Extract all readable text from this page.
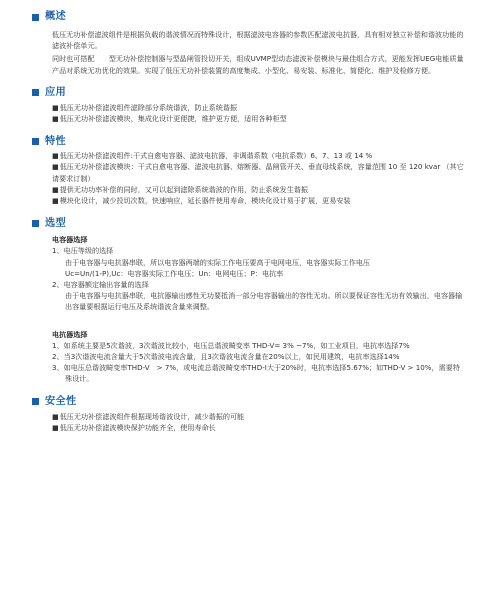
概述

低压无功补偿滤波组件是根据负载的谐波情况而特殊设计，根据滤波电容器的参数匹配滤波电抗器，具有相对独立补偿和谐波功能的滤波补偿单元。

同时也可搭配　　型无功补偿控制器与型晶闸管投切开关，组成UVMP型动态滤波补偿模块与最佳组合方式，更能发挥UEG电能质量产品对系统无功优化的效果。实现了低压无功补偿装置的高度集成、小型化、易安装、标准化、简便化、维护及检修方便。

应用

■低压无功补偿滤波组件滤除部分系统谐波，防止系统谐振

■低压无功补偿滤波模块，集成化设计更便捷，维护更方便，适用各种柜型

特性

■低压无功补偿滤波组件:干式自愈电容器、滤波电抗器，非调谐系数（电抗系数）6、7、13 或 14 %

■低压无功补偿滤波模块：干式自愈电容器、滤波电抗器、熔断器、晶闸管开关、垂直母线系统，容量范围 10 至 120 kvar （其它请要求订制）

■提供无功功率补偿的同时，又可以起到滤除系统谐波的作用，防止系统发生谐振

■模块化设计，减少投切次数，快速响应，延长器件使用寿命，模块化设计易于扩展，更易安装

选型
电容器选择
1、电压等级的选择
由于电容器与电抗器串联，所以电容器两端的实际工作电压要高于电网电压，电容器实际工作电压
Uc=Un/(1-P),Uc：电容器实际工作电压；Un：电网电压；P：电抗率
2、电容器额定输出容量的选择
由于电容器与电抗器串联，电抗器输出感性无功要抵消一部分电容器输出的容性无功。所以要保证容性无功有效输出，电容器输出容量要根据运行电压及系统谐波含量来调整。
电抗器选择
1、如系统主要是5次谐波，3次谐波比较小，电压总谐波畸变率 THD-V= 3% ~7%，如工业项目，电抗率选择7%
2、当3次谐波电流含量大于5次谐波电流含量，且3次谐波电流含量在20%以上，如民用建筑，电抗率选择14%
3、如电压总谐波畸变率THD-V　> 7%，或电流总谐波畸变率THD-I大于20%时，电抗率选择5.67%；如THD-V > 10%，需要特殊设计。
安全性

■低压无功补偿滤波组件根据现场谐波设计，减少谐振的可能

■低压无功补偿滤波模块保护功能齐全，使用寿命长
